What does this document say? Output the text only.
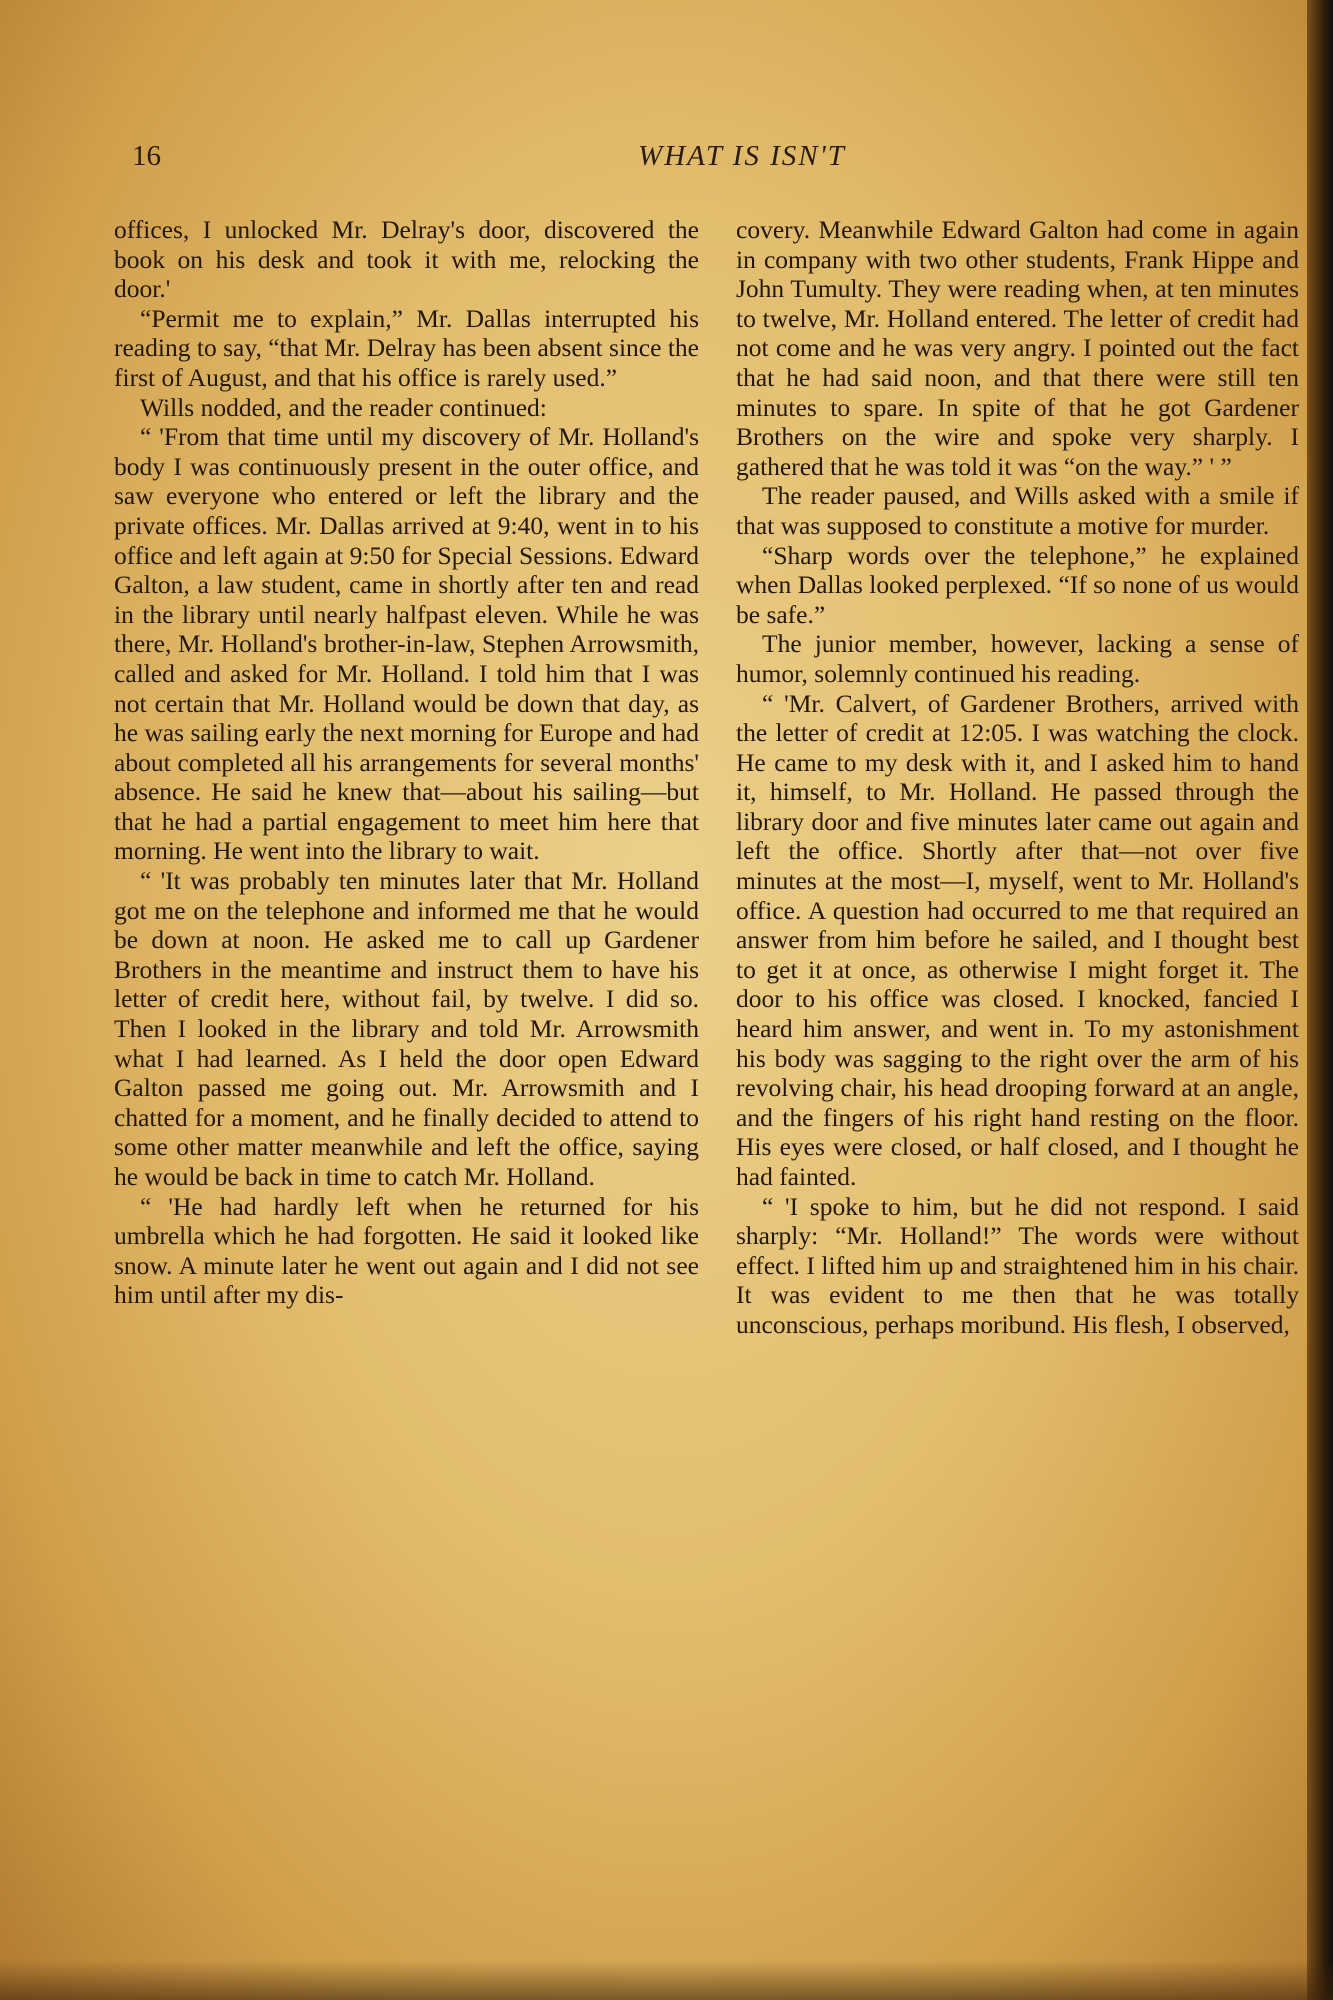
16	WHAT IS ISN'T

offices, I unlocked Mr. Delray's door, discovered the book on his desk and took it with me, relocking the door.'

“Permit me to explain,” Mr. Dallas interrupted his reading to say, “that Mr. Delray has been absent since the first of August, and that his office is rarely used.”

Wills nodded, and the reader continued:

“ 'From that time until my discovery of Mr. Holland's body I was continuously present in the outer office, and saw everyone who entered or left the library and the private offices. Mr. Dallas arrived at 9:40, went in to his office and left again at 9:50 for Special Sessions. Edward Galton, a law student, came in shortly after ten and read in the library until nearly halfpast eleven. While he was there, Mr. Holland's brother-in-law, Stephen Arrowsmith, called and asked for Mr. Holland. I told him that I was not certain that Mr. Holland would be down that day, as he was sailing early the next morning for Europe and had about completed all his arrangements for several months' absence. He said he knew that—about his sailing—but that he had a partial engagement to meet him here that morning. He went into the library to wait.

“ 'It was probably ten minutes later that Mr. Holland got me on the telephone and informed me that he would be down at noon. He asked me to call up Gardener Brothers in the meantime and instruct them to have his letter of credit here, without fail, by twelve. I did so. Then I looked in the library and told Mr. Arrowsmith what I had learned. As I held the door open Edward Galton passed me going out. Mr. Arrowsmith and I chatted for a moment, and he finally decided to attend to some other matter meanwhile and left the office, saying he would be back in time to catch Mr. Holland.

“ 'He had hardly left when he returned for his umbrella which he had forgotten. He said it looked like snow. A minute later he went out again and I did not see him until after my dis-

covery. Meanwhile Edward Galton had come in again in company with two other students, Frank Hippe and John Tumulty. They were reading when, at ten minutes to twelve, Mr. Holland entered. The letter of credit had not come and he was very angry. I pointed out the fact that he had said noon, and that there were still ten minutes to spare. In spite of that he got Gardener Brothers on the wire and spoke very sharply. I gathered that he was told it was “on the way.” ' ”

The reader paused, and Wills asked with a smile if that was supposed to constitute a motive for murder.

“Sharp words over the telephone,” he explained when Dallas looked perplexed. “If so none of us would be safe.”

The junior member, however, lacking a sense of humor, solemnly continued his reading.

“ 'Mr. Calvert, of Gardener Brothers, arrived with the letter of credit at 12:05. I was watching the clock. He came to my desk with it, and I asked him to hand it, himself, to Mr. Holland. He passed through the library door and five minutes later came out again and left the office. Shortly after that—not over five minutes at the most—I, myself, went to Mr. Holland's office. A question had occurred to me that required an answer from him before he sailed, and I thought best to get it at once, as otherwise I might forget it. The door to his office was closed. I knocked, fancied I heard him answer, and went in. To my astonishment his body was sagging to the right over the arm of his revolving chair, his head drooping forward at an angle, and the fingers of his right hand resting on the floor. His eyes were closed, or half closed, and I thought he had fainted.

“ 'I spoke to him, but he did not respond. I said sharply: “Mr. Holland!” The words were without effect. I lifted him up and straightened him in his chair. It was evident to me then that he was totally unconscious, perhaps moribund. His flesh, I observed,
